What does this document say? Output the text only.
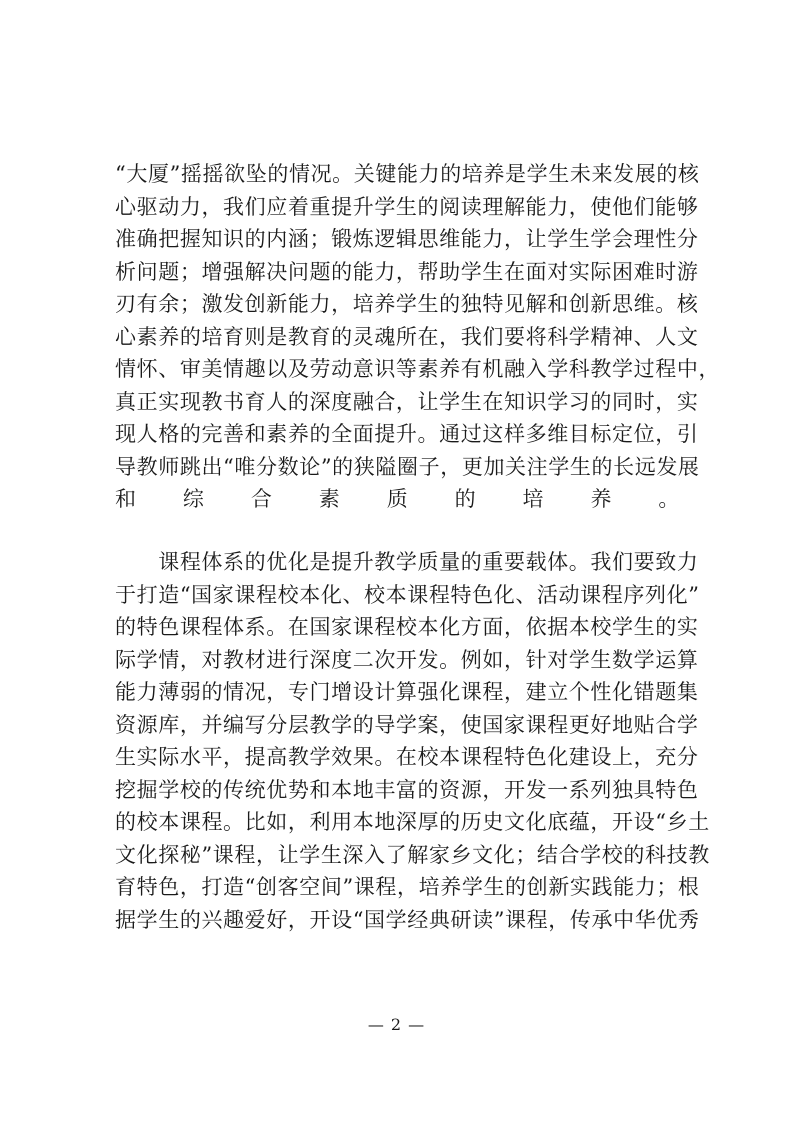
“ 大 厦 ” 摇 摇 欲 坠 的 情 况 。 关 键 能 力 的 培 养 是 学 生 未 来 发 展 的 核
心 驱 动 力 ， 我 们 应 着 重 提 升 学 生 的 阅 读 理 解 能 力 ， 使 他 们 能 够
准 确 把 握 知 识 的 内 涵 ； 锻 炼 逻 辑 思 维 能 力 ， 让 学 生 学 会 理 性 分
析 问 题 ； 增 强 解 决 问 题 的 能 力 ， 帮 助 学 生 在 面 对 实 际 困 难 时 游
刃 有 余 ； 激 发 创 新 能 力 ， 培 养 学 生 的 独 特 见 解 和 创 新 思 维 。 核
心 素 养 的 培 育 则 是 教 育 的 灵 魂 所 在 ， 我 们 要 将 科 学 精 神 、 人 文
情 怀 、 审 美 情 趣 以 及 劳 动 意 识 等 素 养 有 机 融 入 学 科 教 学 过 程 中 ，
真 正 实 现 教 书 育 人 的 深 度 融 合 ， 让 学 生 在 知 识 学 习 的 同 时 ， 实
现 人 格 的 完 善 和 素 养 的 全 面 提 升 。 通 过 这 样 多 维 目 标 定 位 ， 引
导 教 师 跳 出 “ 唯 分 数 论 ” 的 狭 隘 圈 子 ， 更 加 关 注 学 生 的 长 远 发 展
和综合素质的培养。

课 程 体 系 的 优 化 是 提 升 教 学 质 量 的 重 要 载 体 。 我 们 要 致 力
于 打 造 “ 国 家 课 程 校 本 化 、 校 本 课 程 特 色 化 、 活 动 课 程 序 列 化 ”
的 特 色 课 程 体 系 。 在 国 家 课 程 校 本 化 方 面 ， 依 据 本 校 学 生 的 实
际 学 情 ， 对 教 材 进 行 深 度 二 次 开 发 。 例 如 ， 针 对 学 生 数 学 运 算
能 力 薄 弱 的 情 况 ， 专 门 增 设 计 算 强 化 课 程 ， 建 立 个 性 化 错 题 集
资 源 库 ， 并 编 写 分 层 教 学 的 导 学 案 ， 使 国 家 课 程 更 好 地 贴 合 学
生 实 际 水 平 ， 提 高 教 学 效 果 。 在 校 本 课 程 特 色 化 建 设 上 ， 充 分
挖 掘 学 校 的 传 统 优 势 和 本 地 丰 富 的 资 源 ， 开 发 一 系 列 独 具 特 色
的 校 本 课 程 。 比 如 ， 利 用 本 地 深 厚 的 历 史 文 化 底 蕴 ， 开 设 “ 乡 土
文 化 探 秘 ” 课 程 ， 让 学 生 深 入 了 解 家 乡 文 化 ； 结 合 学 校 的 科 技 教
育 特 色 ， 打 造 “ 创 客 空 间 ” 课 程 ， 培 养 学 生 的 创 新 实 践 能 力 ； 根
据 学 生 的 兴 趣 爱 好 ， 开 设 “ 国 学 经 典 研 读 ” 课 程 ， 传 承 中 华 优 秀
— 2 —
